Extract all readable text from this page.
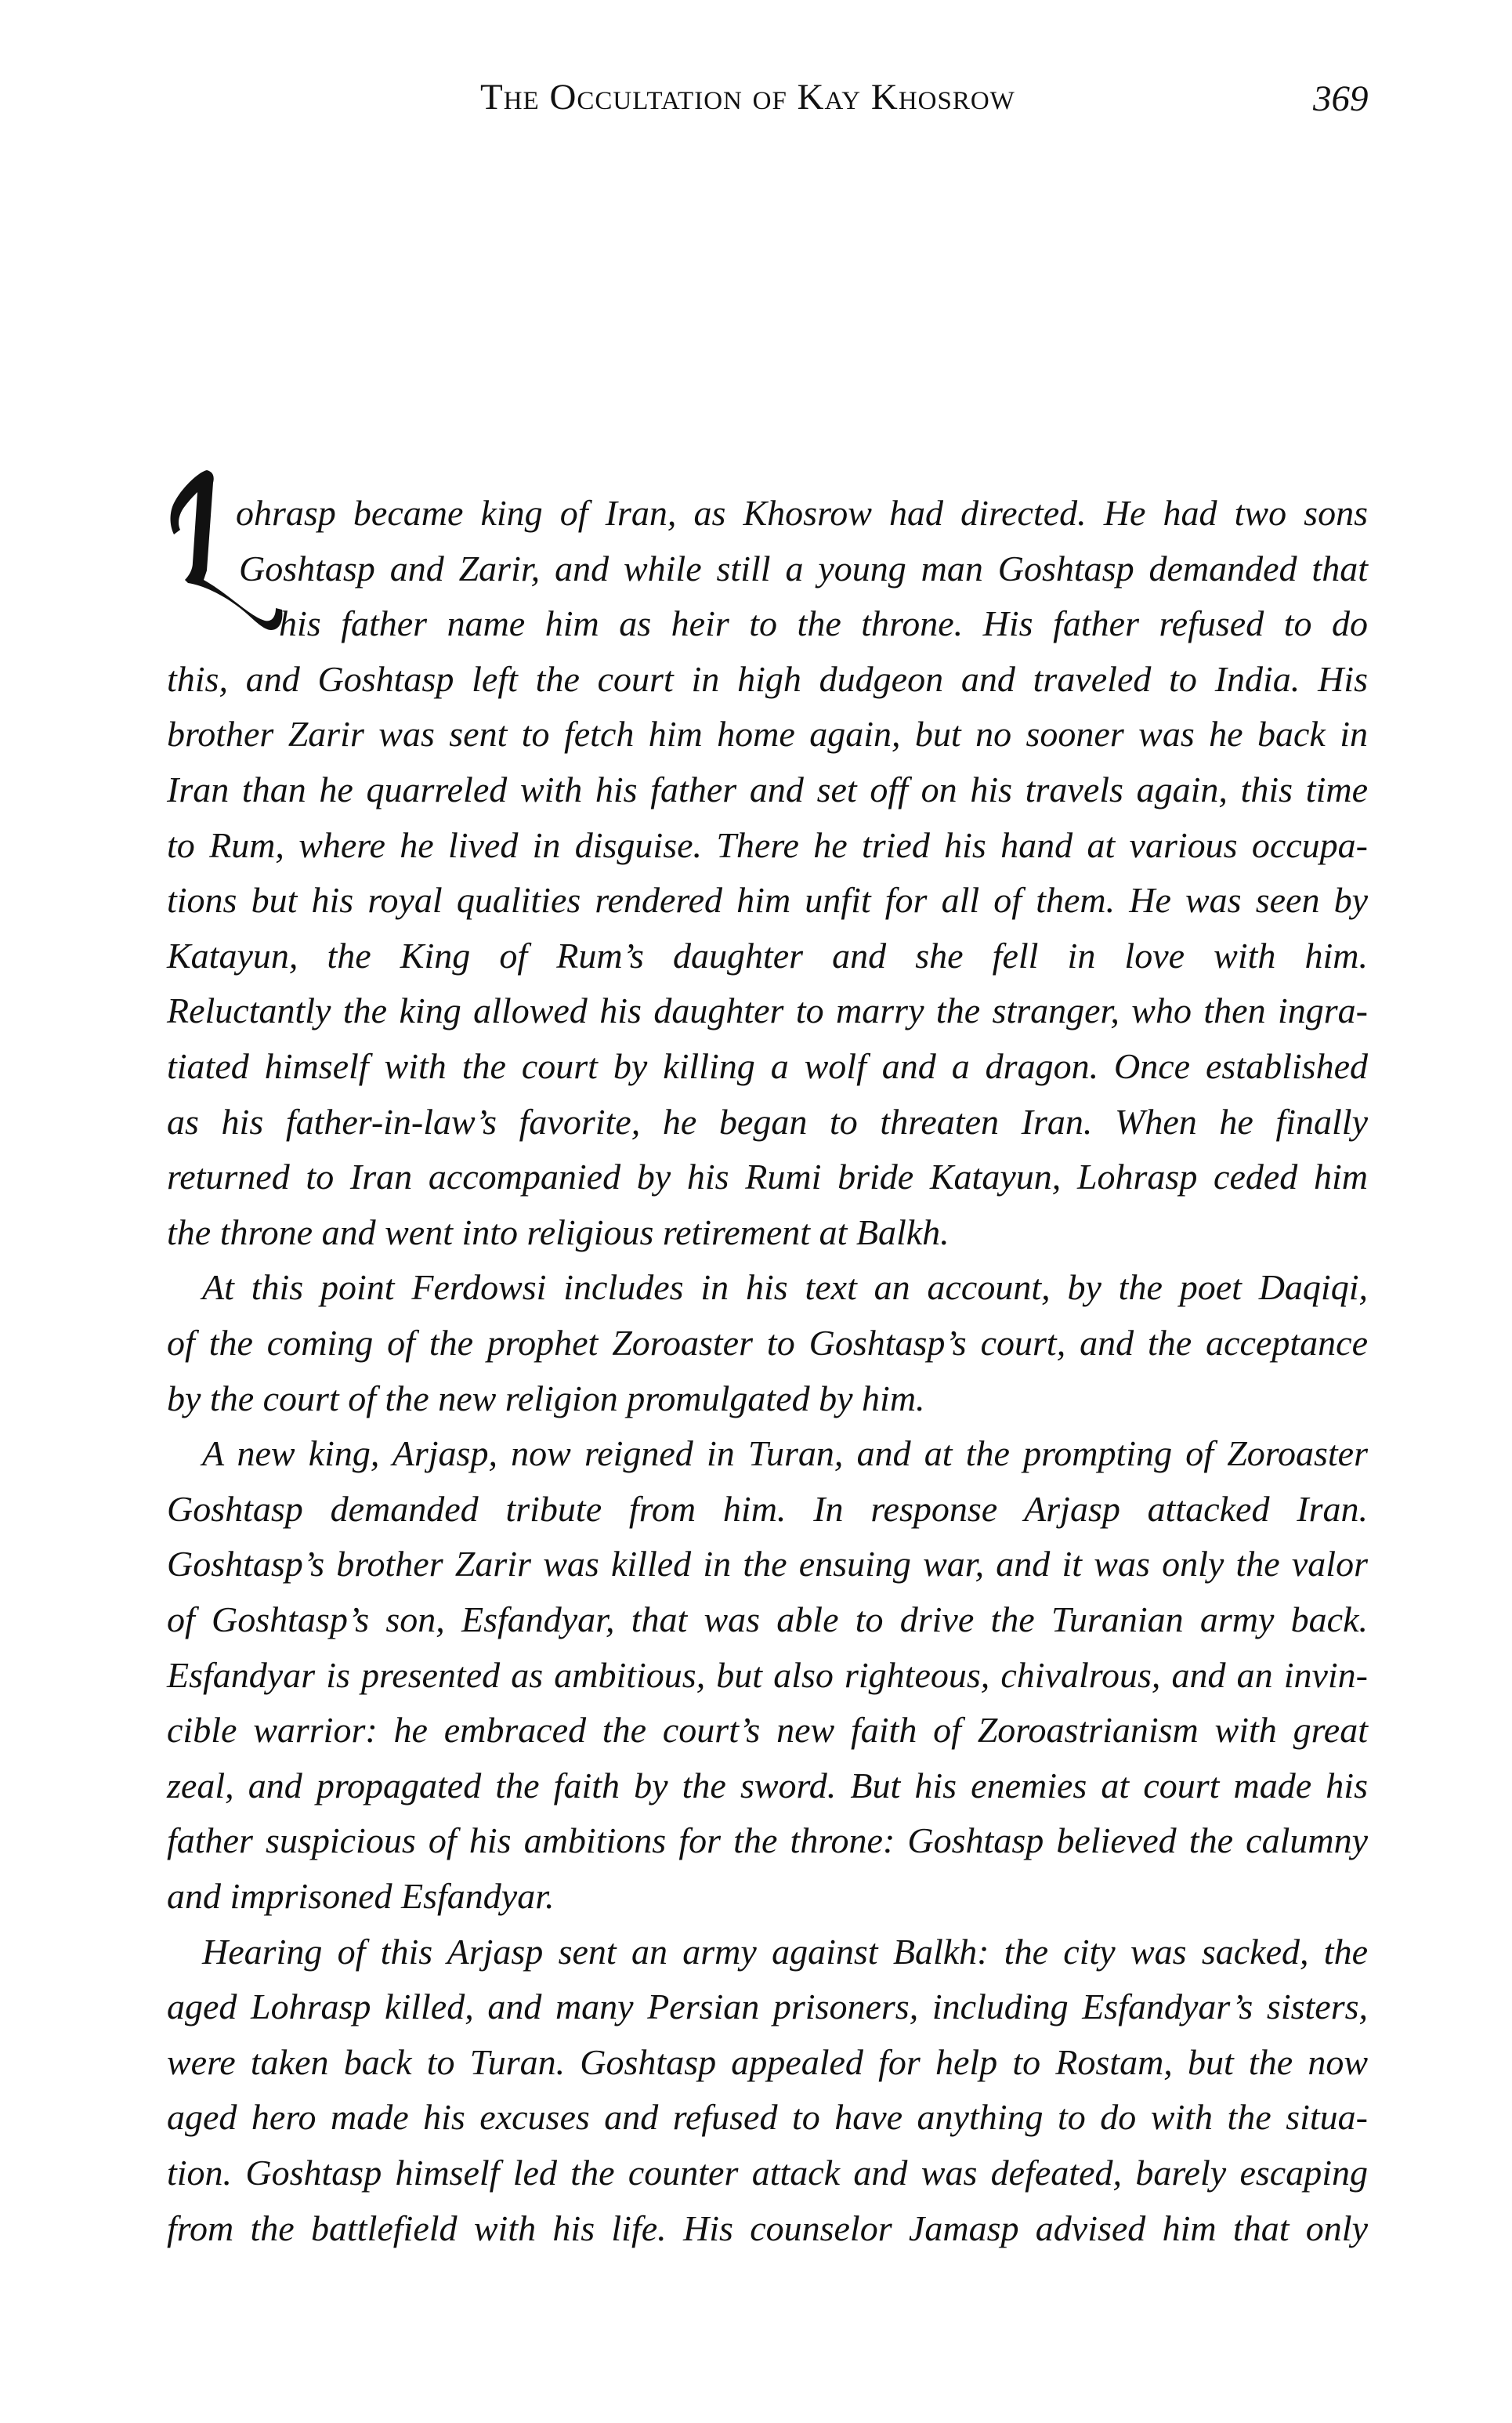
The Occultation of Kay Khosrow	369
ohrasp became king of Iran, as Khosrow had directed. He had two sons
Goshtasp and Zarir, and while still a young man Goshtasp demanded that
his father name him as heir to the throne. His father refused to do
this, and Goshtasp left the court in high dudgeon and traveled to India. His
brother Zarir was sent to fetch him home again, but no sooner was he back in
Iran than he quarreled with his father and set off on his travels again, this time
to Rum, where he lived in disguise. There he tried his hand at various occupa-
tions but his royal qualities rendered him unfit for all of them. He was seen by
Katayun, the King of Rum’s daughter and she fell in love with him.
Reluctantly the king allowed his daughter to marry the stranger, who then ingra-
tiated himself with the court by killing a wolf and a dragon. Once established
as his father-in-law’s favorite, he began to threaten Iran. When he finally
returned to Iran accompanied by his Rumi bride Katayun, Lohrasp ceded him
the throne and went into religious retirement at Balkh.
At this point Ferdowsi includes in his text an account, by the poet Daqiqi,
of the coming of the prophet Zoroaster to Goshtasp’s court, and the acceptance
by the court of the new religion promulgated by him.
A new king, Arjasp, now reigned in Turan, and at the prompting of Zoroaster
Goshtasp demanded tribute from him. In response Arjasp attacked Iran.
Goshtasp’s brother Zarir was killed in the ensuing war, and it was only the valor
of Goshtasp’s son, Esfandyar, that was able to drive the Turanian army back.
Esfandyar is presented as ambitious, but also righteous, chivalrous, and an invin-
cible warrior: he embraced the court’s new faith of Zoroastrianism with great
zeal, and propagated the faith by the sword. But his enemies at court made his
father suspicious of his ambitions for the throne: Goshtasp believed the calumny
and imprisoned Esfandyar.
Hearing of this Arjasp sent an army against Balkh: the city was sacked, the
aged Lohrasp killed, and many Persian prisoners, including Esfandyar’s sisters,
were taken back to Turan. Goshtasp appealed for help to Rostam, but the now
aged hero made his excuses and refused to have anything to do with the situa-
tion. Goshtasp himself led the counter attack and was defeated, barely escaping
from the battlefield with his life. His counselor Jamasp advised him that only
